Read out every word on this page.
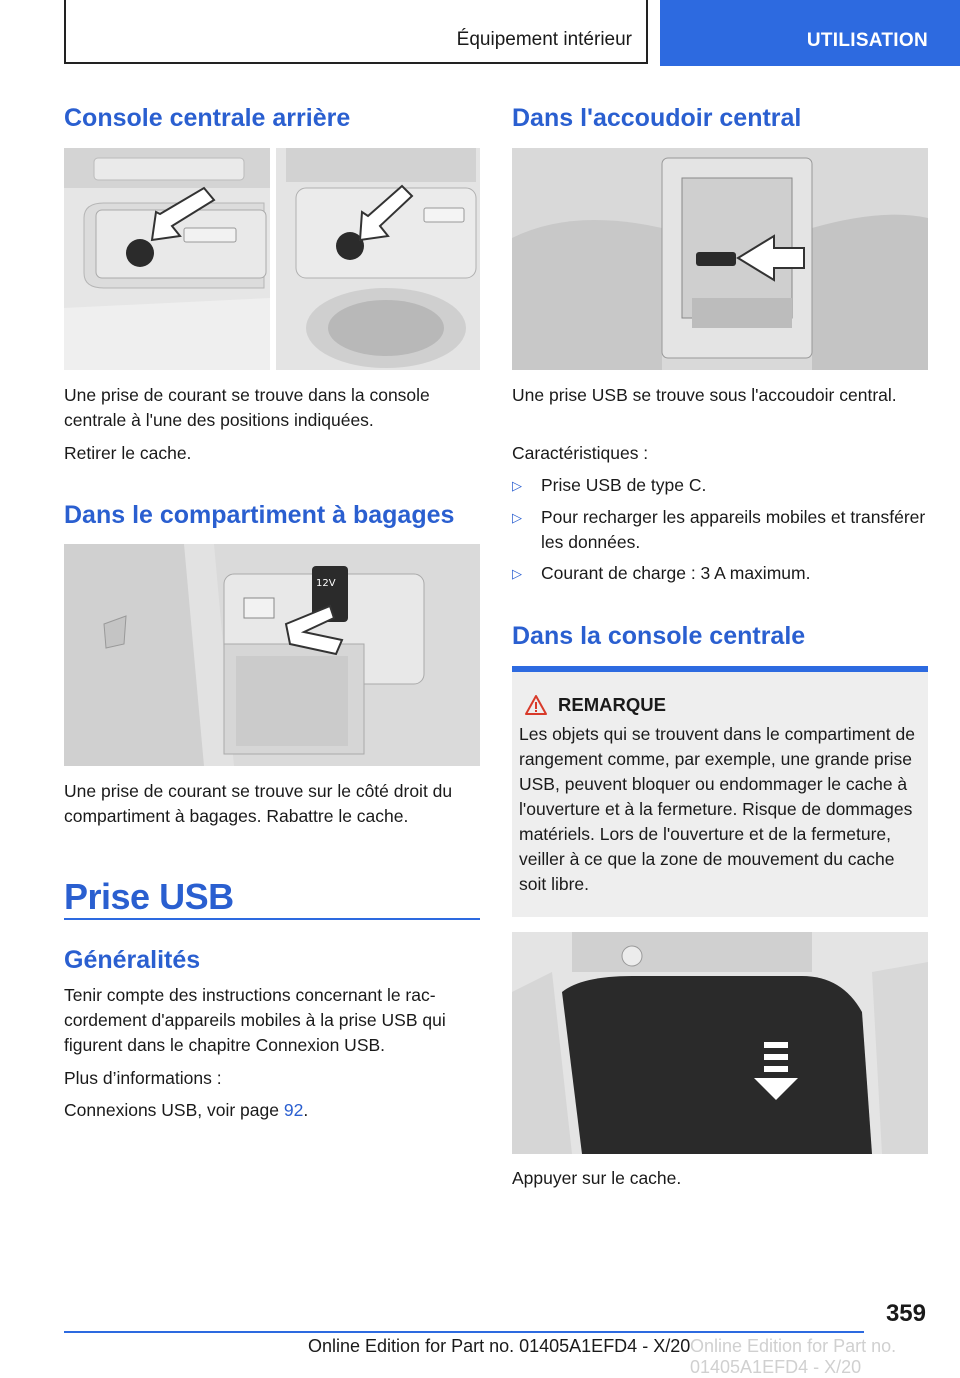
Équipement intérieur	UTILISATION
Console centrale arrière

Une prise de courant se trouve dans la console centrale à l'une des positions indiquées.

Retirer le cache.

Dans le compartiment à bagages
12V

Une prise de courant se trouve sur le côté droit du compartiment à bagages. Rabattre le cache.

Prise USB
Généralités

Tenir compte des instructions concernant le raccordement d'appareils mobiles à la prise USB qui figurent dans le chapitre Connexion USB.

Plus d’informations :

Connexions USB, voir page 92.

Dans l'accoudoir central

Une prise USB se trouve sous l'accoudoir central.

Caractéristiques :

▷ Prise USB de type C.
▷ Pour recharger les appareils mobiles et transférer les données.
▷ Courant de charge : 3 A maximum.
Dans la console centrale
REMARQUE

Les objets qui se trouvent dans le compartiment de rangement comme, par exemple, une grande prise USB, peuvent bloquer ou endommager le cache à l'ouverture et à la fermeture. Risque de dommages matériels. Lors de l'ouverture et de la fermeture, veiller à ce que la zone de mouvement du cache soit libre.

Appuyer sur le cache.

359
Online Edition for Part no. 01405A1EFD4 - X/20 Online Edition for Part no. 01405A1EFD4 - X/20
